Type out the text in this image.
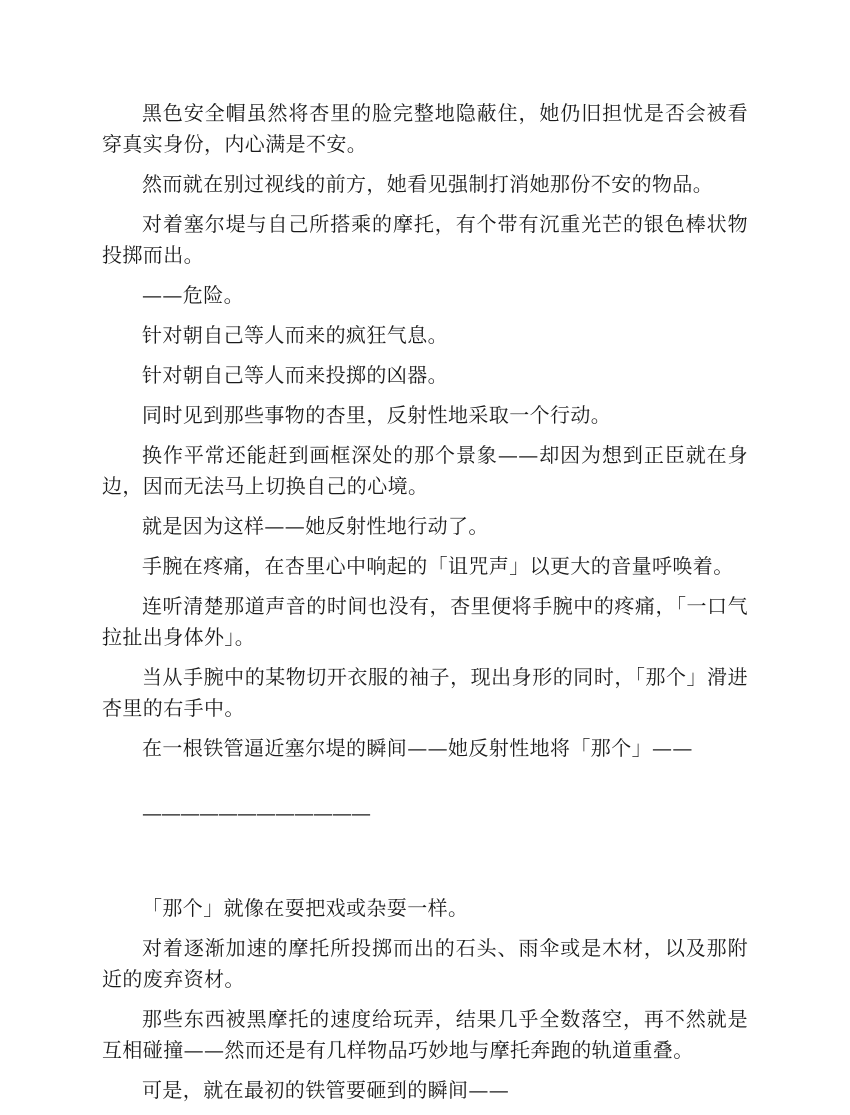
黑色安全帽虽然将杏里的脸完整地隐蔽住，她仍旧担忧是否会被看穿真实身份，内心满是不安。

然而就在别过视线的前方，她看见强制打消她那份不安的物品。

对着塞尔堤与自己所搭乘的摩托，有个带有沉重光芒的银色棒状物投掷而出。

——危险。

针对朝自己等人而来的疯狂气息。

针对朝自己等人而来投掷的凶器。

同时见到那些事物的杏里，反射性地采取一个行动。

换作平常还能赶到画框深处的那个景象——却因为想到正臣就在身边，因而无法马上切换自己的心境。

就是因为这样——她反射性地行动了。

手腕在疼痛，在杏里心中响起的「诅咒声」以更大的音量呼唤着。

连听清楚那道声音的时间也没有，杏里便将手腕中的疼痛，「一口气拉扯出身体外」。

当从手腕中的某物切开衣服的袖子，现出身形的同时，「那个」滑进杏里的右手中。

在一根铁管逼近塞尔堤的瞬间——她反射性地将「那个」——

————————————

「那个」就像在耍把戏或杂耍一样。

对着逐渐加速的摩托所投掷而出的石头、雨伞或是木材，以及那附近的废弃资材。

那些东西被黑摩托的速度给玩弄，结果几乎全数落空，再不然就是互相碰撞——然而还是有几样物品巧妙地与摩托奔跑的轨道重叠。

可是，就在最初的铁管要砸到的瞬间——
